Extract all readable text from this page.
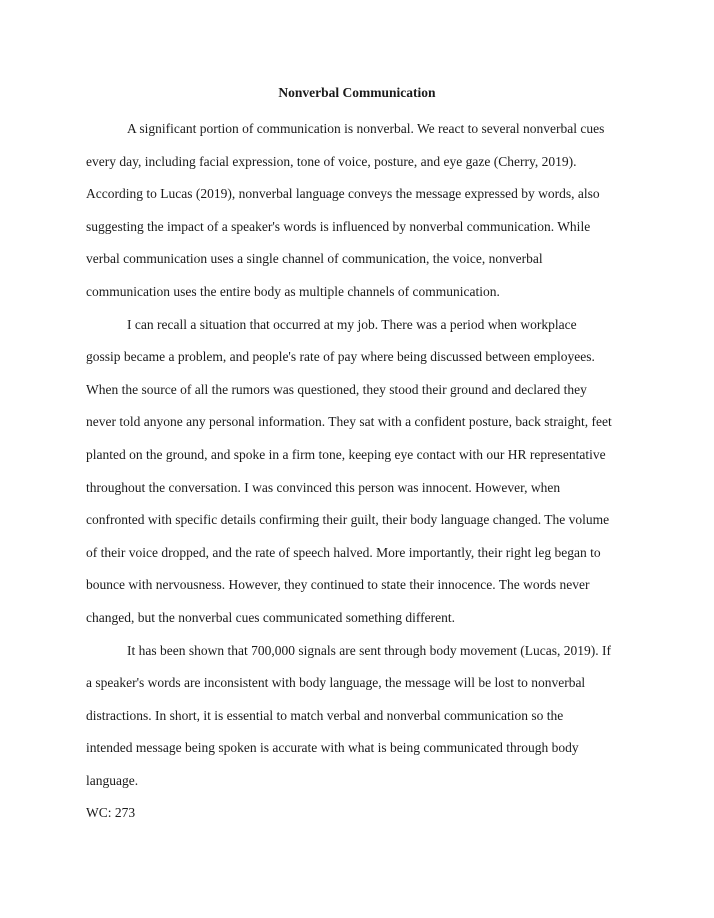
Nonverbal Communication

A significant portion of communication is nonverbal. We react to several nonverbal cues
every day, including facial expression, tone of voice, posture, and eye gaze (Cherry, 2019).
According to Lucas (2019), nonverbal language conveys the message expressed by words, also
suggesting the impact of a speaker's words is influenced by nonverbal communication. While
verbal communication uses a single channel of communication, the voice, nonverbal
communication uses the entire body as multiple channels of communication.

I can recall a situation that occurred at my job. There was a period when workplace
gossip became a problem, and people's rate of pay where being discussed between employees.
When the source of all the rumors was questioned, they stood their ground and declared they
never told anyone any personal information. They sat with a confident posture, back straight, feet
planted on the ground, and spoke in a firm tone, keeping eye contact with our HR representative
throughout the conversation. I was convinced this person was innocent. However, when
confronted with specific details confirming their guilt, their body language changed. The volume
of their voice dropped, and the rate of speech halved. More importantly, their right leg began to
bounce with nervousness. However, they continued to state their innocence. The words never
changed, but the nonverbal cues communicated something different.

It has been shown that 700,000 signals are sent through body movement (Lucas, 2019). If
a speaker's words are inconsistent with body language, the message will be lost to nonverbal
distractions. In short, it is essential to match verbal and nonverbal communication so the
intended message being spoken is accurate with what is being communicated through body
language.

WC: 273
